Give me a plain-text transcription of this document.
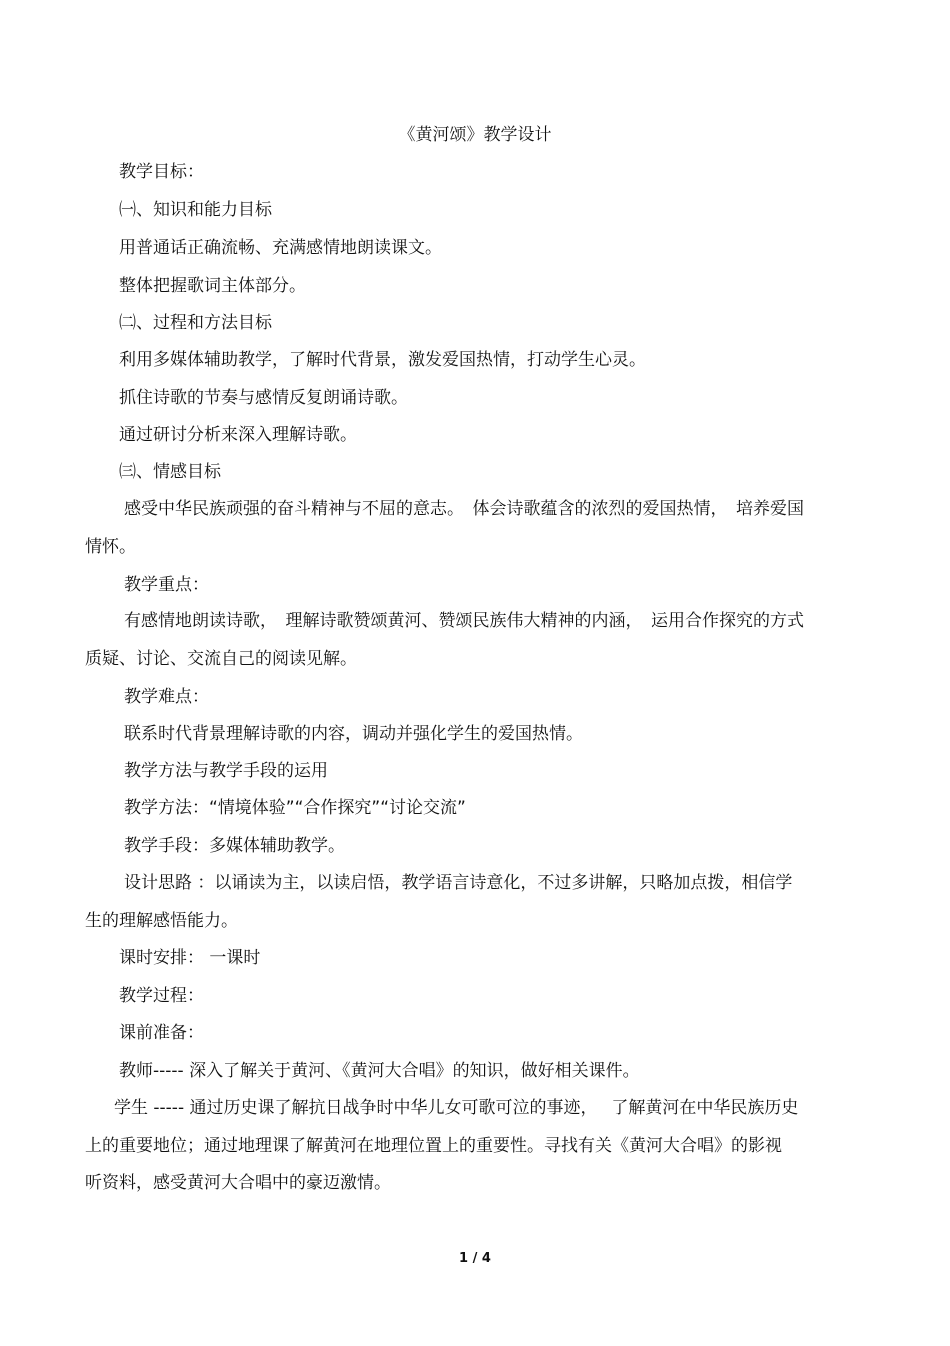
《黄河颂》教学设计
教学目标：
㈠、知识和能力目标
用普通话正确流畅、充满感情地朗读课文。
整体把握歌词主体部分。
㈡、过程和方法目标
利用多媒体辅助教学，了解时代背景，激发爱国热情，打动学生心灵。
抓住诗歌的节奏与感情反复朗诵诗歌。
通过研讨分析来深入理解诗歌。
㈢、情感目标
感受中华民族顽强的奋斗精神与不屈的意志。　体会诗歌蕴含的浓烈的爱国热情，　培养爱国
情怀。
教学重点：
有感情地朗读诗歌，　理解诗歌赞颂黄河、赞颂民族伟大精神的内涵，　运用合作探究的方式
质疑、讨论、交流自己的阅读见解。
教学难点：
联系时代背景理解诗歌的内容，调动并强化学生的爱国热情。
教学方法与教学手段的运用
教学方法：“情境体验”“合作探究”“讨论交流”
教学手段：多媒体辅助教学。
设计思路 ：以诵读为主，以读启悟，教学语言诗意化，不过多讲解，只略加点拨，相信学
生的理解感悟能力。
课时安排： 一课时
教学过程：
课前准备：
教师----- 深入了解关于黄河、《黄河大合唱》的知识，做好相关课件。
学生 ----- 通过历史课了解抗日战争时中华儿女可歌可泣的事迹，　 了解黄河在中华民族历史
上的重要地位；通过地理课了解黄河在地理位置上的重要性。寻找有关《黄河大合唱》的影视
听资料，感受黄河大合唱中的豪迈激情。
1 / 4
